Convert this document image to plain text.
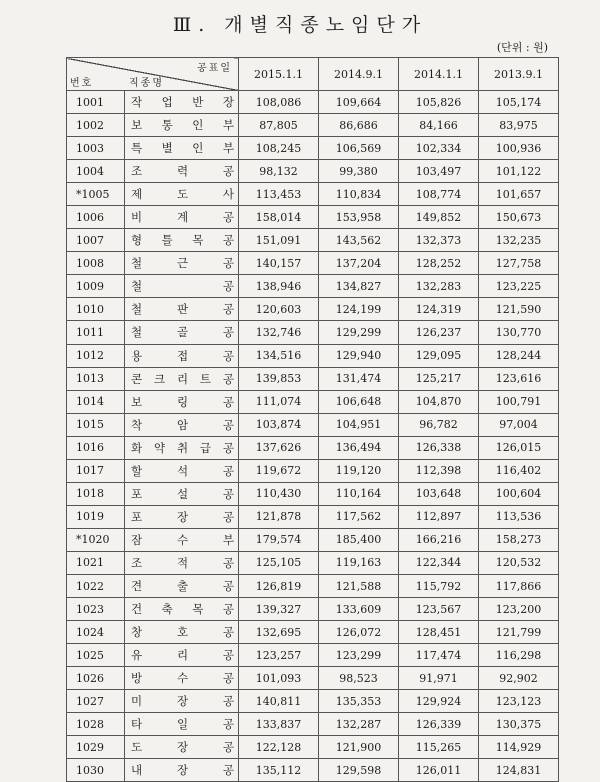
Ⅲ. 개별직종노임단가
(단위 : 원)
공표일
번호 직종명		2015.1.1	2014.9.1	2014.1.1	2013.9.1
1001	작 업 반 장	108,086	109,664	105,826	105,174
1002	보 통 인 부	87,805	86,686	84,166	83,975
1003	특 별 인 부	108,245	106,569	102,334	100,936
1004	조 력 공	98,132	99,380	103,497	101,122
*1005	제 도 사	113,453	110,834	108,774	101,657
1006	비 계 공	158,014	153,958	149,852	150,673
1007	형 틀 목 공	151,091	143,562	132,373	132,235
1008	철 근 공	140,157	137,204	128,252	127,758
1009	철 공	138,946	134,827	132,283	123,225
1010	철 판 공	120,603	124,199	124,319	121,590
1011	철 골 공	132,746	129,299	126,237	130,770
1012	용 접 공	134,516	129,940	129,095	128,244
1013	콘 크 리 트 공	139,853	131,474	125,217	123,616
1014	보 링 공	111,074	106,648	104,870	100,791
1015	착 암 공	103,874	104,951	96,782	97,004
1016	화 약 취 급 공	137,626	136,494	126,338	126,015
1017	할 석 공	119,672	119,120	112,398	116,402
1018	포 설 공	110,430	110,164	103,648	100,604
1019	포 장 공	121,878	117,562	112,897	113,536
*1020	잠 수 부	179,574	185,400	166,216	158,273
1021	조 적 공	125,105	119,163	122,344	120,532
1022	견 출 공	126,819	121,588	115,792	117,866
1023	건 축 목 공	139,327	133,609	123,567	123,200
1024	창 호 공	132,695	126,072	128,451	121,799
1025	유 리 공	123,257	123,299	117,474	116,298
1026	방 수 공	101,093	98,523	91,971	92,902
1027	미 장 공	140,811	135,353	129,924	123,123
1028	타 일 공	133,837	132,287	126,339	130,375
1029	도 장 공	122,128	121,900	115,265	114,929
1030	내 장 공	135,112	129,598	126,011	124,831
